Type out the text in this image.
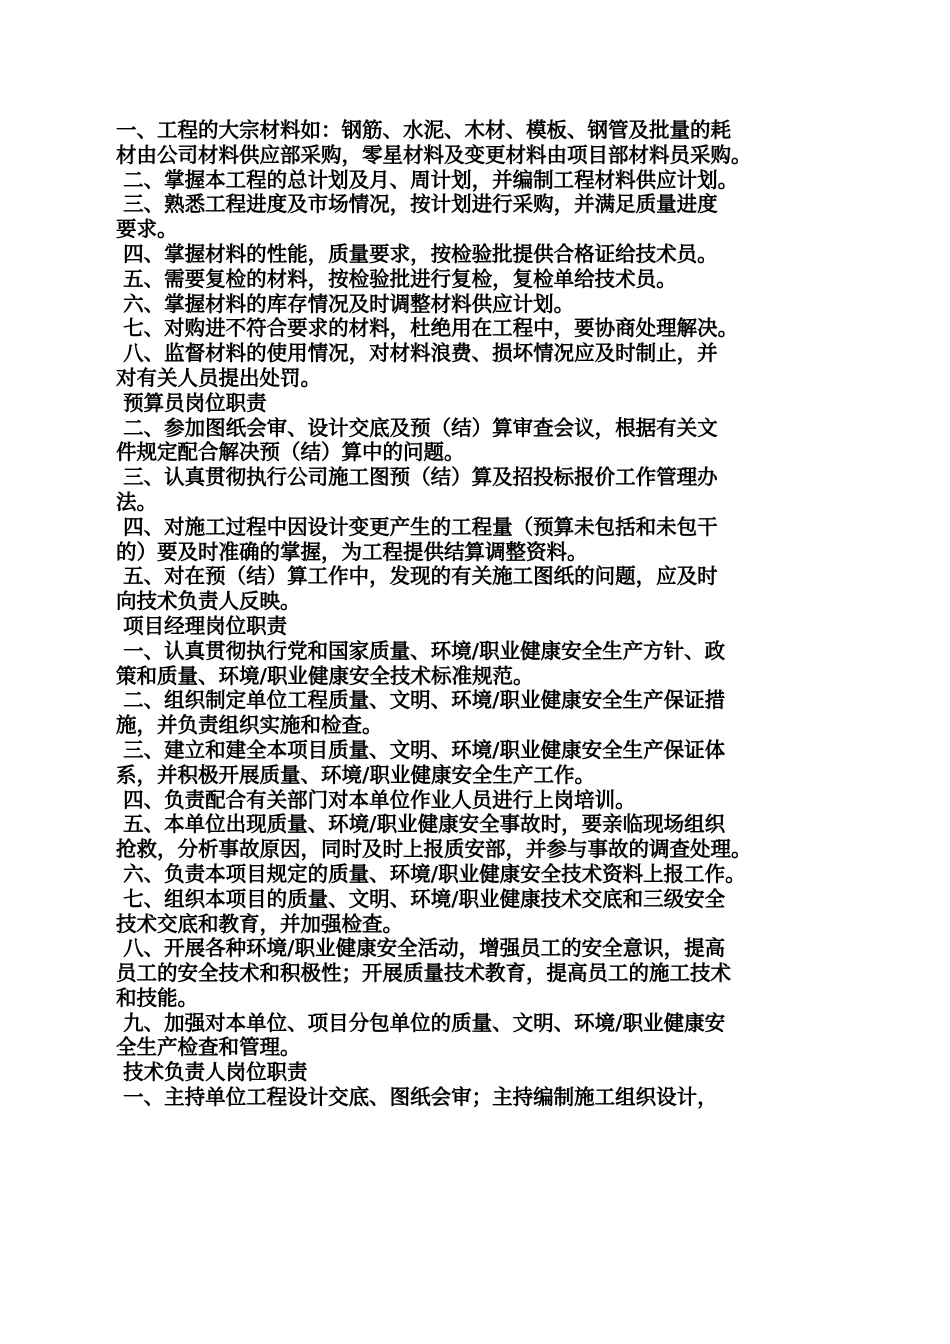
一、工程的大宗材料如：钢筋、水泥、木材、模板、钢管及批量的耗
材由公司材料供应部采购，零星材料及变更材料由项目部材料员采购。
二、掌握本工程的总计划及月、周计划，并编制工程材料供应计划。
三、熟悉工程进度及市场情况，按计划进行采购，并满足质量进度
要求。
四、掌握材料的性能，质量要求，按检验批提供合格证给技术员。
五、需要复检的材料，按检验批进行复检，复检单给技术员。
六、掌握材料的库存情况及时调整材料供应计划。
七、对购进不符合要求的材料，杜绝用在工程中，要协商处理解决。
八、监督材料的使用情况，对材料浪费、损坏情况应及时制止，并
对有关人员提出处罚。
预算员岗位职责
二、参加图纸会审、设计交底及预（结）算审查会议，根据有关文
件规定配合解决预（结）算中的问题。
三、认真贯彻执行公司施工图预（结）算及招投标报价工作管理办
法。
四、对施工过程中因设计变更产生的工程量（预算未包括和未包干
的）要及时准确的掌握，为工程提供结算调整资料。
五、对在预（结）算工作中，发现的有关施工图纸的问题，应及时
向技术负责人反映。
项目经理岗位职责
一、认真贯彻执行党和国家质量、环境/职业健康安全生产方针、政
策和质量、环境/职业健康安全技术标准规范。
二、组织制定单位工程质量、文明、环境/职业健康安全生产保证措
施，并负责组织实施和检查。
三、建立和建全本项目质量、文明、环境/职业健康安全生产保证体
系，并积极开展质量、环境/职业健康安全生产工作。
四、负责配合有关部门对本单位作业人员进行上岗培训。
五、本单位出现质量、环境/职业健康安全事故时，要亲临现场组织
抢救，分析事故原因，同时及时上报质安部，并参与事故的调查处理。
六、负责本项目规定的质量、环境/职业健康安全技术资料上报工作。
七、组织本项目的质量、文明、环境/职业健康技术交底和三级安全
技术交底和教育，并加强检查。
八、开展各种环境/职业健康安全活动，增强员工的安全意识，提高
员工的安全技术和积极性；开展质量技术教育，提高员工的施工技术
和技能。
九、加强对本单位、项目分包单位的质量、文明、环境/职业健康安
全生产检查和管理。
技术负责人岗位职责
一、主持单位工程设计交底、图纸会审；主持编制施工组织设计，
